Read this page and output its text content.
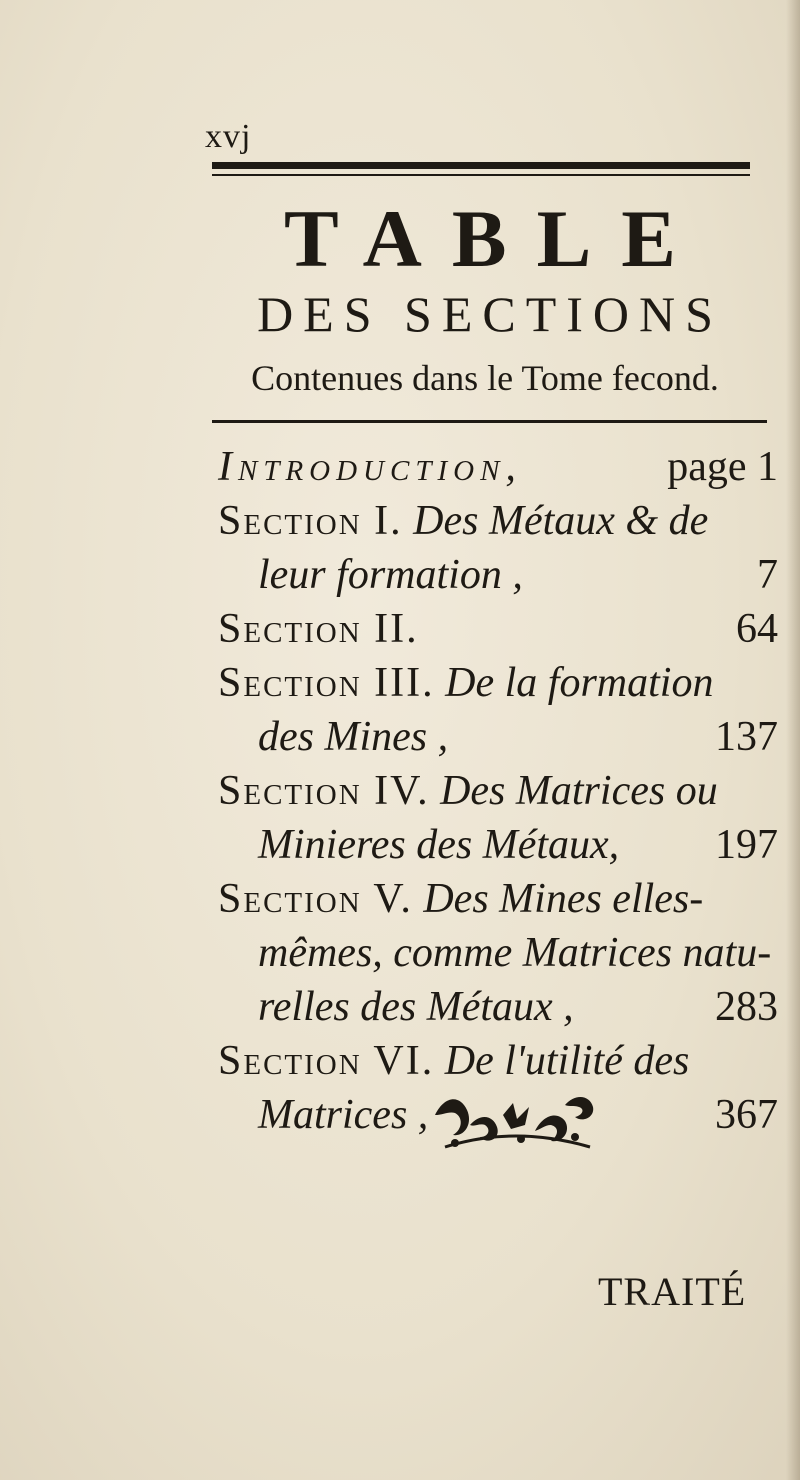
xvj
TABLE
DES SECTIONS
Contenues dans le Tome fecond.
Introduction,	page 1
Section I. Des Métaux & de
leur formation ,	7
Section II.	64
Section III. De la formation
des Mines ,	137
Section IV. Des Matrices ou
Minieres des Métaux, 197
Section V. Des Mines elles-
mêmes, comme Matrices natu-
relles des Métaux ,	283
Section VI. De l'utilité des
Matrices ,	367
TRAITÉ
